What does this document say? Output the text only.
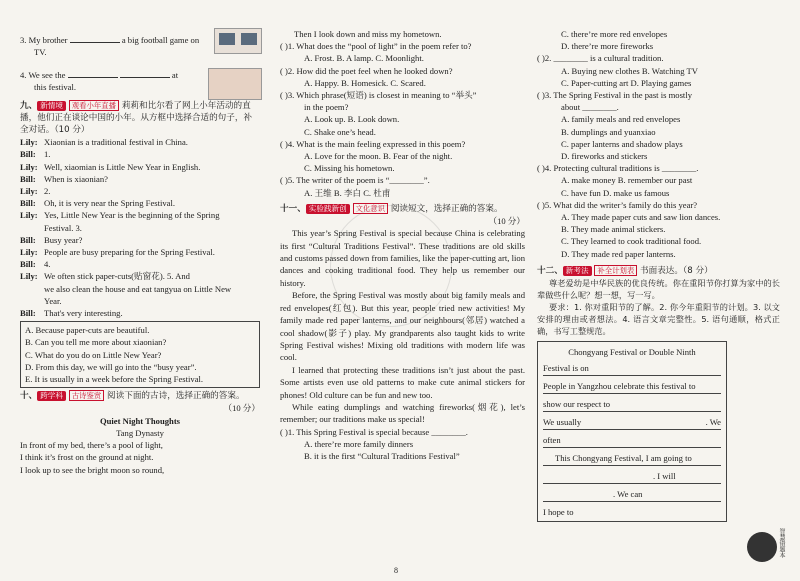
3. My brother	a big football game on
TV.
4. We see the	at
this festival.
九、 新情境 观看小年直播 莉莉和比尔看了网上小年活动的直
播，他们正在谈论中国的小年。从方框中选择合适的句子，补
全对话。（10 分）
Lily: Xiaonian is a traditional festival in China.
Bill: 1.
Lily: Well, xiaomian is Little New Year in English.
Bill: When is xiaonian?
Lily: 2.
Bill: Oh, it is very near the Spring Festival.
Lily: Yes, Little New Year is the beginning of the Spring
Festival. 3.
Bill: Busy year?
Lily: People are busy preparing for the Spring Festival.
Bill: 4.
Lily: We often stick paper-cuts(贴窗花). 5. And
we also clean the house and eat tangyua on Little New
Year.
Bill: That's very interesting.
A. Because paper-cuts are beautiful.
B. Can you tell me more about xiaonian?
C. What do you do on Little New Year?
D. From this day, we will go into the “busy year”.
E. It is usually in a week before the Spring Festival.
十、 跨学科 古诗鉴赏 阅读下面的古诗，选择正确的答案。
（10 分）
Quiet Night Thoughts
Tang Dynasty
In front of my bed, there’s a pool of light,
I think it’s frost on the ground at night.
I look up to see the bright moon so round,
Then I look down and miss my hometown.
( )1. What does the “pool of light” in the poem refer to?
A. Frost. B. A lamp. C. Moonlight.
( )2. How did the poet feel when he looked down?
A. Happy. B. Homesick. C. Scared.
( )3. Which phrase(短语) is closest in meaning to “举头”
in the poem?
A. Look up. B. Look down.
C. Shake one’s head.
( )4. What is the main feeling expressed in this poem?
A. Love for the moon. B. Fear of the night.
C. Missing his hometown.
( )5. The writer of the poem is “________”.
A. 王维 B. 李白 C. 杜甫
十一、 实验践新创 文化意识 阅读短文，选择正确的答案。
（10 分）
This year’s Spring Festival is special because China is celebrating its first “Cultural Traditions Festival”. These traditions are old skills and customs passed down from families, like the paper-cutting art, lion dances and cooking traditional food. They help us remember our history.
Before, the Spring Festival was mostly about big family meals and red envelopes(红包). But this year, people tried new activities! My family made red paper lanterns, and our neighbours(邻居) watched a cool shadow(影子) play. My grandparents also taught kids to write Spring Festival wishes! Mixing old traditions with modern life was cool.
I learned that protecting these traditions isn’t just about the past. Some artists even use old patterns to make cute animal stickers for phones! Old culture can be fun and new too.
While eating dumplings and watching fireworks(烟花), let’s remember; our traditions make us special!
( )1. This Spring Festival is special because ________.
A. there’re more family dinners
B. it is the first “Cultural Traditions Festival”
C. there’re more red envelopes
D. there’re more fireworks
( )2. ________ is a cultural tradition.
A. Buying new clothes B. Watching TV
C. Paper-cutting art D. Playing games
( )3. The Spring Festival in the past is mostly
about ________.
A. family meals and red envelopes
B. dumplings and yuanxiao
C. paper lanterns and shadow plays
D. fireworks and stickers
( )4. Protecting cultural traditions is ________.
A. make money B. remember our past
C. have fun D. make us famous
( )5. What did the writer’s family do this year?
A. They made paper cuts and saw lion dances.
B. They made animal stickers.
C. They learned to cook traditional food.
D. They made red paper lanterns.
十二、 新考法 补全计划表 书面表达。（8 分）
尊老爱幼是中华民族的优良传统。你在重阳节你打算为家中的长辈做些什么呢？想一想，写一写。
要求：1. 你对重阳节的了解。2. 你今年重阳节的计划。3. 以文安排的理由或者想法。4. 语言文章完整性。5. 语句通顺，格式正确，书写工整规范。
Chongyang Festival or Double Ninth
Festival is on
People in Yangzhou celebrate this festival to
show our respect to
We usually	. We
often
This Chongyang Festival, I am going to
. I will
. We can
I hope to
智慧错题本
8
